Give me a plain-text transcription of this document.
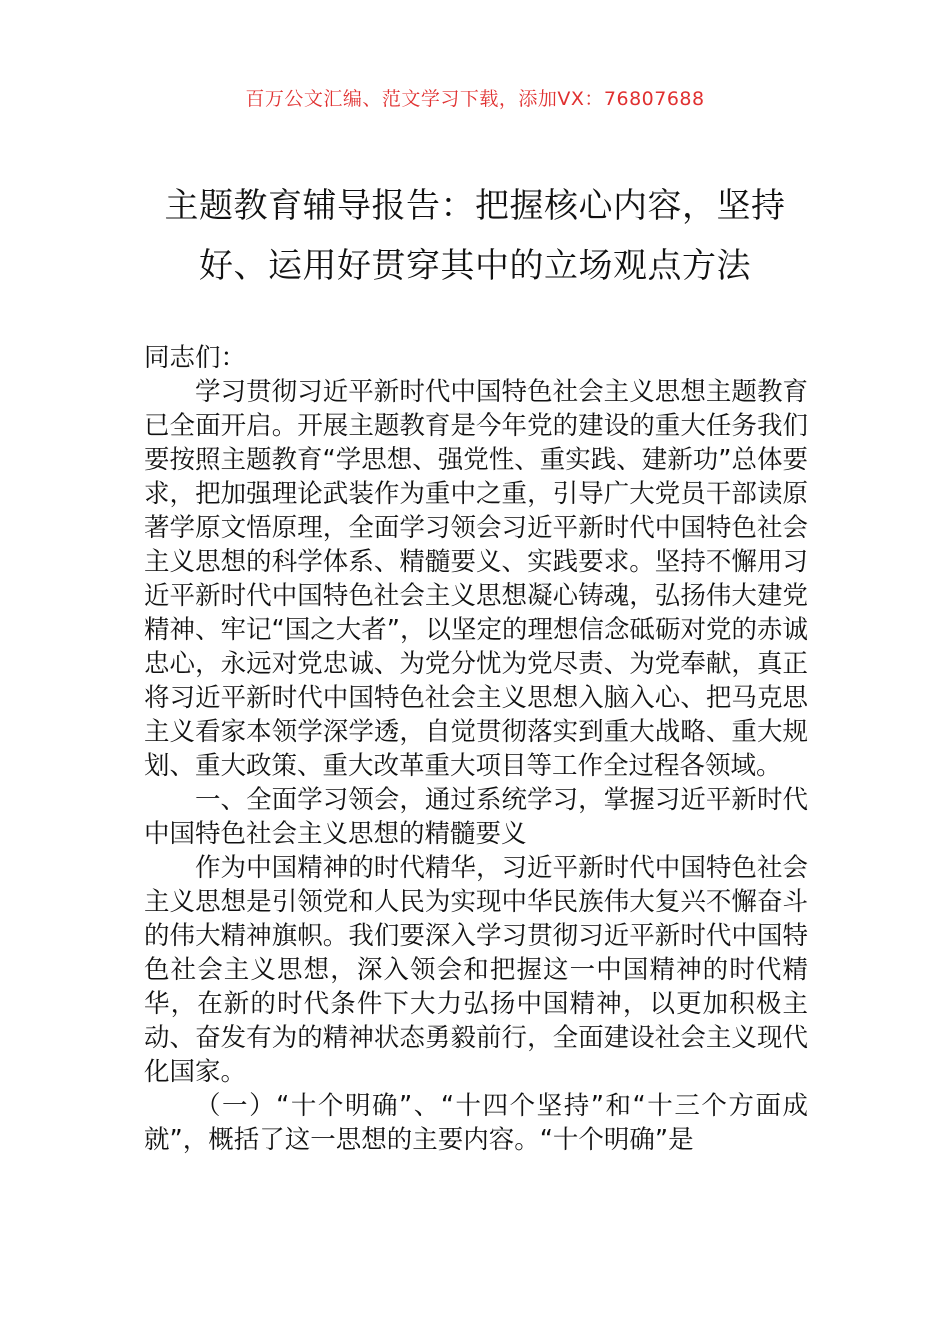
百万公文汇编、范文学习下载，添加VX：76807688
主题教育辅导报告：把握核心内容，坚持
好、运用好贯穿其中的立场观点方法

同志们：

学习贯彻习近平新时代中国特色社会主义思想主题教育已全面开启。开展主题教育是今年党的建设的重大任务我们要按照主题教育“学思想、强党性、重实践、建新功”总体要求，把加强理论武装作为重中之重，引导广大党员干部读原著学原文悟原理，全面学习领会习近平新时代中国特色社会主义思想的科学体系、精髓要义、实践要求。坚持不懈用习近平新时代中国特色社会主义思想凝心铸魂，弘扬伟大建党精神、牢记“国之大者”，以坚定的理想信念砥砺对党的赤诚忠心，永远对党忠诚、为党分忧为党尽责、为党奉献，真正将习近平新时代中国特色社会主义思想入脑入心、把马克思主义看家本领学深学透，自觉贯彻落实到重大战略、重大规划、重大政策、重大改革重大项目等工作全过程各领域。

一、全面学习领会，通过系统学习，掌握习近平新时代中国特色社会主义思想的精髓要义

作为中国精神的时代精华，习近平新时代中国特色社会主义思想是引领党和人民为实现中华民族伟大复兴不懈奋斗的伟大精神旗帜。我们要深入学习贯彻习近平新时代中国特色社会主义思想，深入领会和把握这一中国精神的时代精华，在新的时代条件下大力弘扬中国精神，以更加积极主动、奋发有为的精神状态勇毅前行，全面建设社会主义现代化国家。

（一）“十个明确”、“十四个坚持”和“十三个方面成就”，概括了这一思想的主要内容。“十个明确”是
